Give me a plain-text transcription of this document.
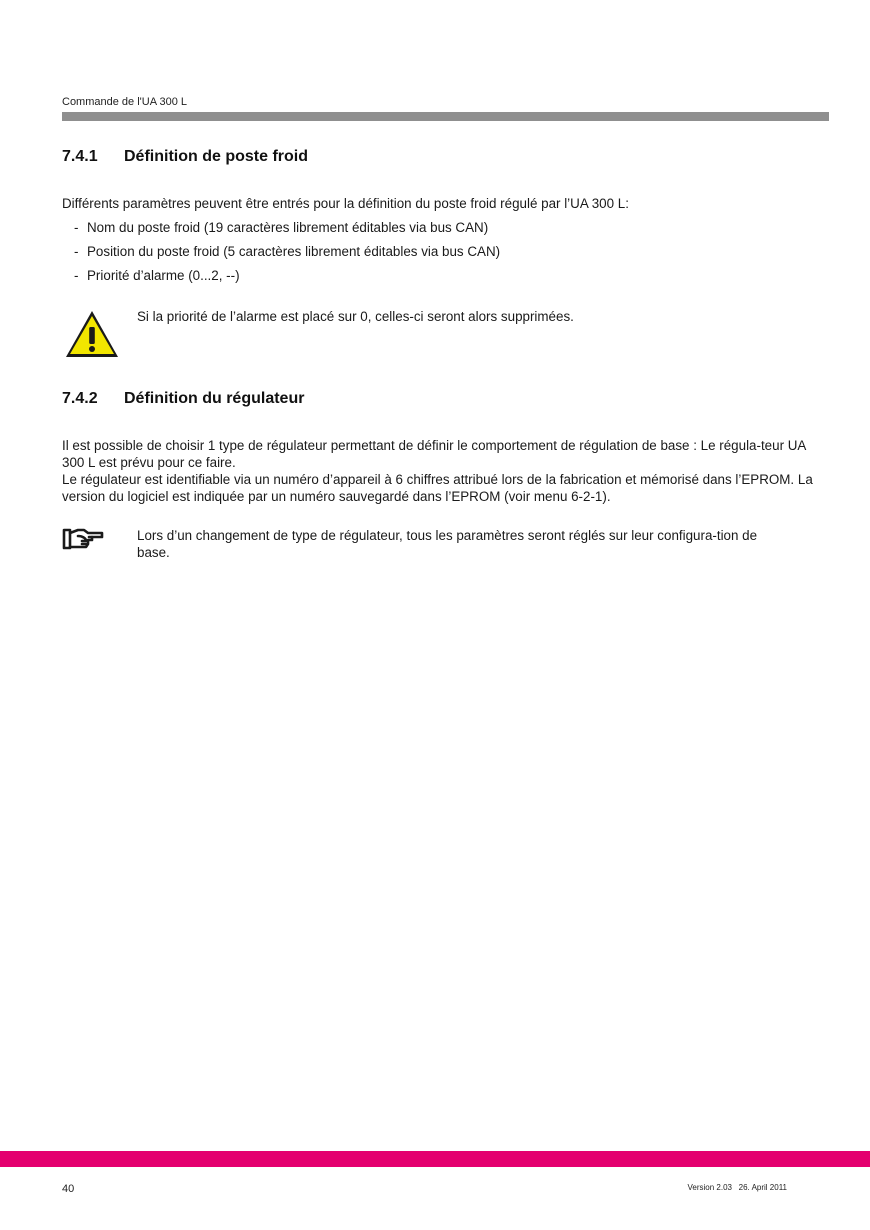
Commande de l'UA 300 L
7.4.1 Définition de poste froid
Différents paramètres peuvent être entrés pour la définition du poste froid régulé par l’UA 300 L:
- Nom du poste froid (19 caractères librement éditables via bus CAN)
- Position du poste froid (5 caractères librement éditables via bus CAN)
- Priorité d’alarme (0...2, --)
Si la priorité de l’alarme est placé sur 0, celles-ci seront alors supprimées.
7.4.2 Définition du régulateur
Il est possible de choisir 1 type de régulateur permettant de définir le comportement de régulation de base : Le régula-teur UA 300 L est prévu pour ce faire.
Le régulateur est identifiable via un numéro d’appareil à 6 chiffres attribué lors de la fabrication et mémorisé dans l’EPROM. La version du logiciel est indiquée par un numéro sauvegardé dans l’EPROM (voir menu 6-2-1).
Lors d’un changement de type de régulateur, tous les paramètres seront réglés sur leur configura-tion de base.
40	Version 2.03   26. April 2011
